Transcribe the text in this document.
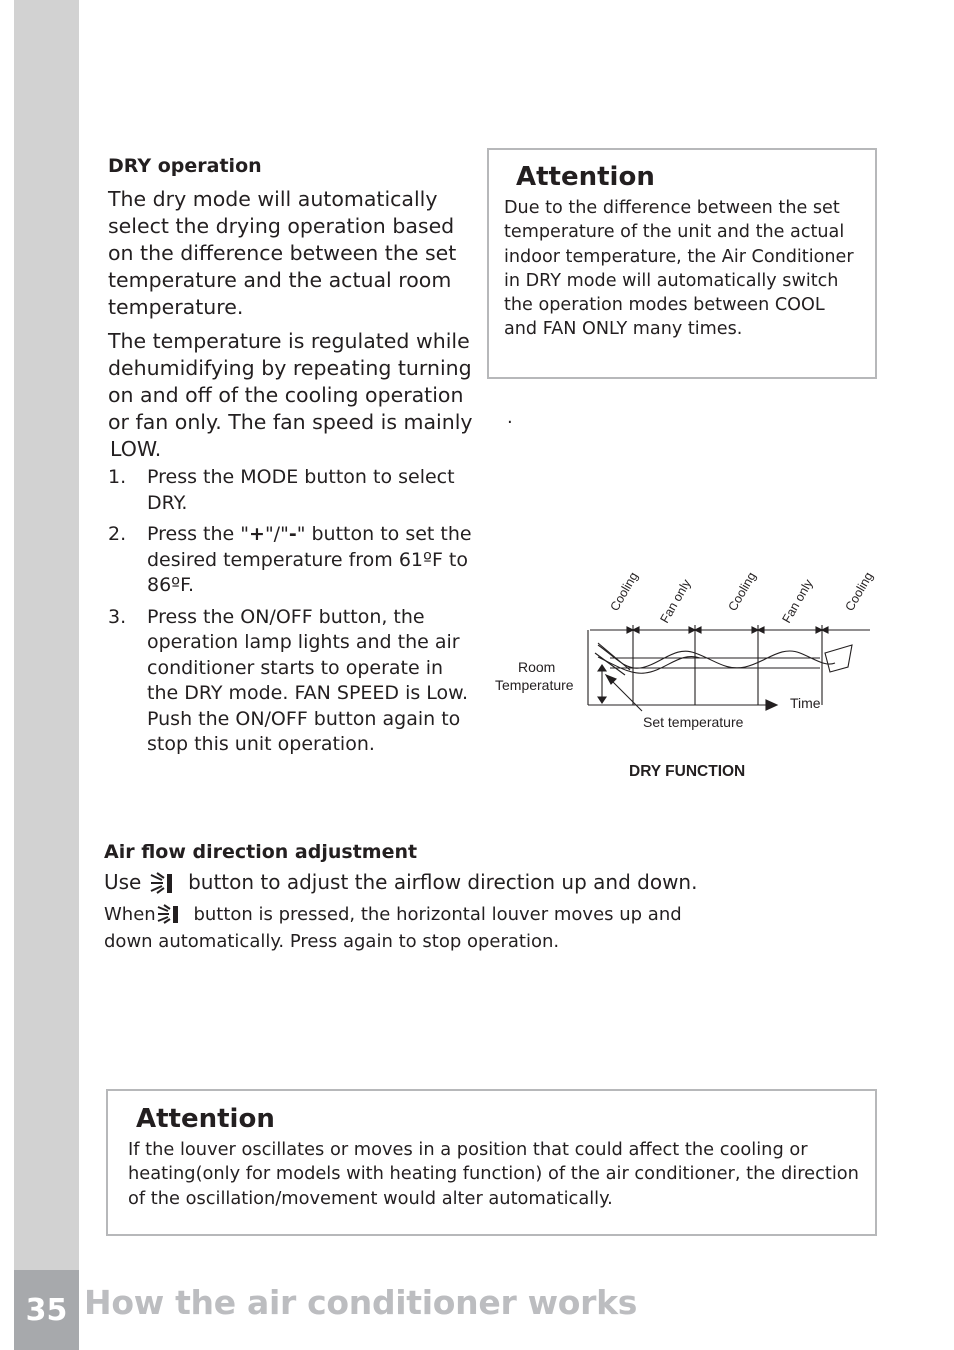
DRY operation

The dry mode will automatically select the drying operation based on the difference between the set temperature and the actual room temperature.

The temperature is regulated while dehumidifying by repeating turning on and off of the cooling operation or fan only. The fan speed is mainly

LOW.

1. Press the MODE button to select DRY.
2. Press the "+"/"-" button to set the desired temperature from 61ºF to 86ºF.
3. Press the ON/OFF button, the operation lamp lights and the air conditioner starts to operate in the DRY mode. FAN SPEED is Low. Push the ON/OFF button again to stop this unit operation.
Attention
Due to the difference between the set temperature of the unit and the actual indoor temperature, the Air Conditioner in DRY mode will automatically switch the operation modes between COOL and FAN ONLY many times.
.
Cooling Fan only	Cooling Fan only Cooling
Room
Temperature
Time
Set temperature
DRY FUNCTION
Air flow direction adjustment
Use button to adjust the airflow direction up and down.
When button is pressed, the horizontal louver moves up and
down automatically. Press again to stop operation.
Attention
If the louver oscillates or moves in a position that could affect the cooling or heating(only for models with heating function) of the air conditioner, the direction of the oscillation/movement would alter automatically.
35 How the air conditioner works
